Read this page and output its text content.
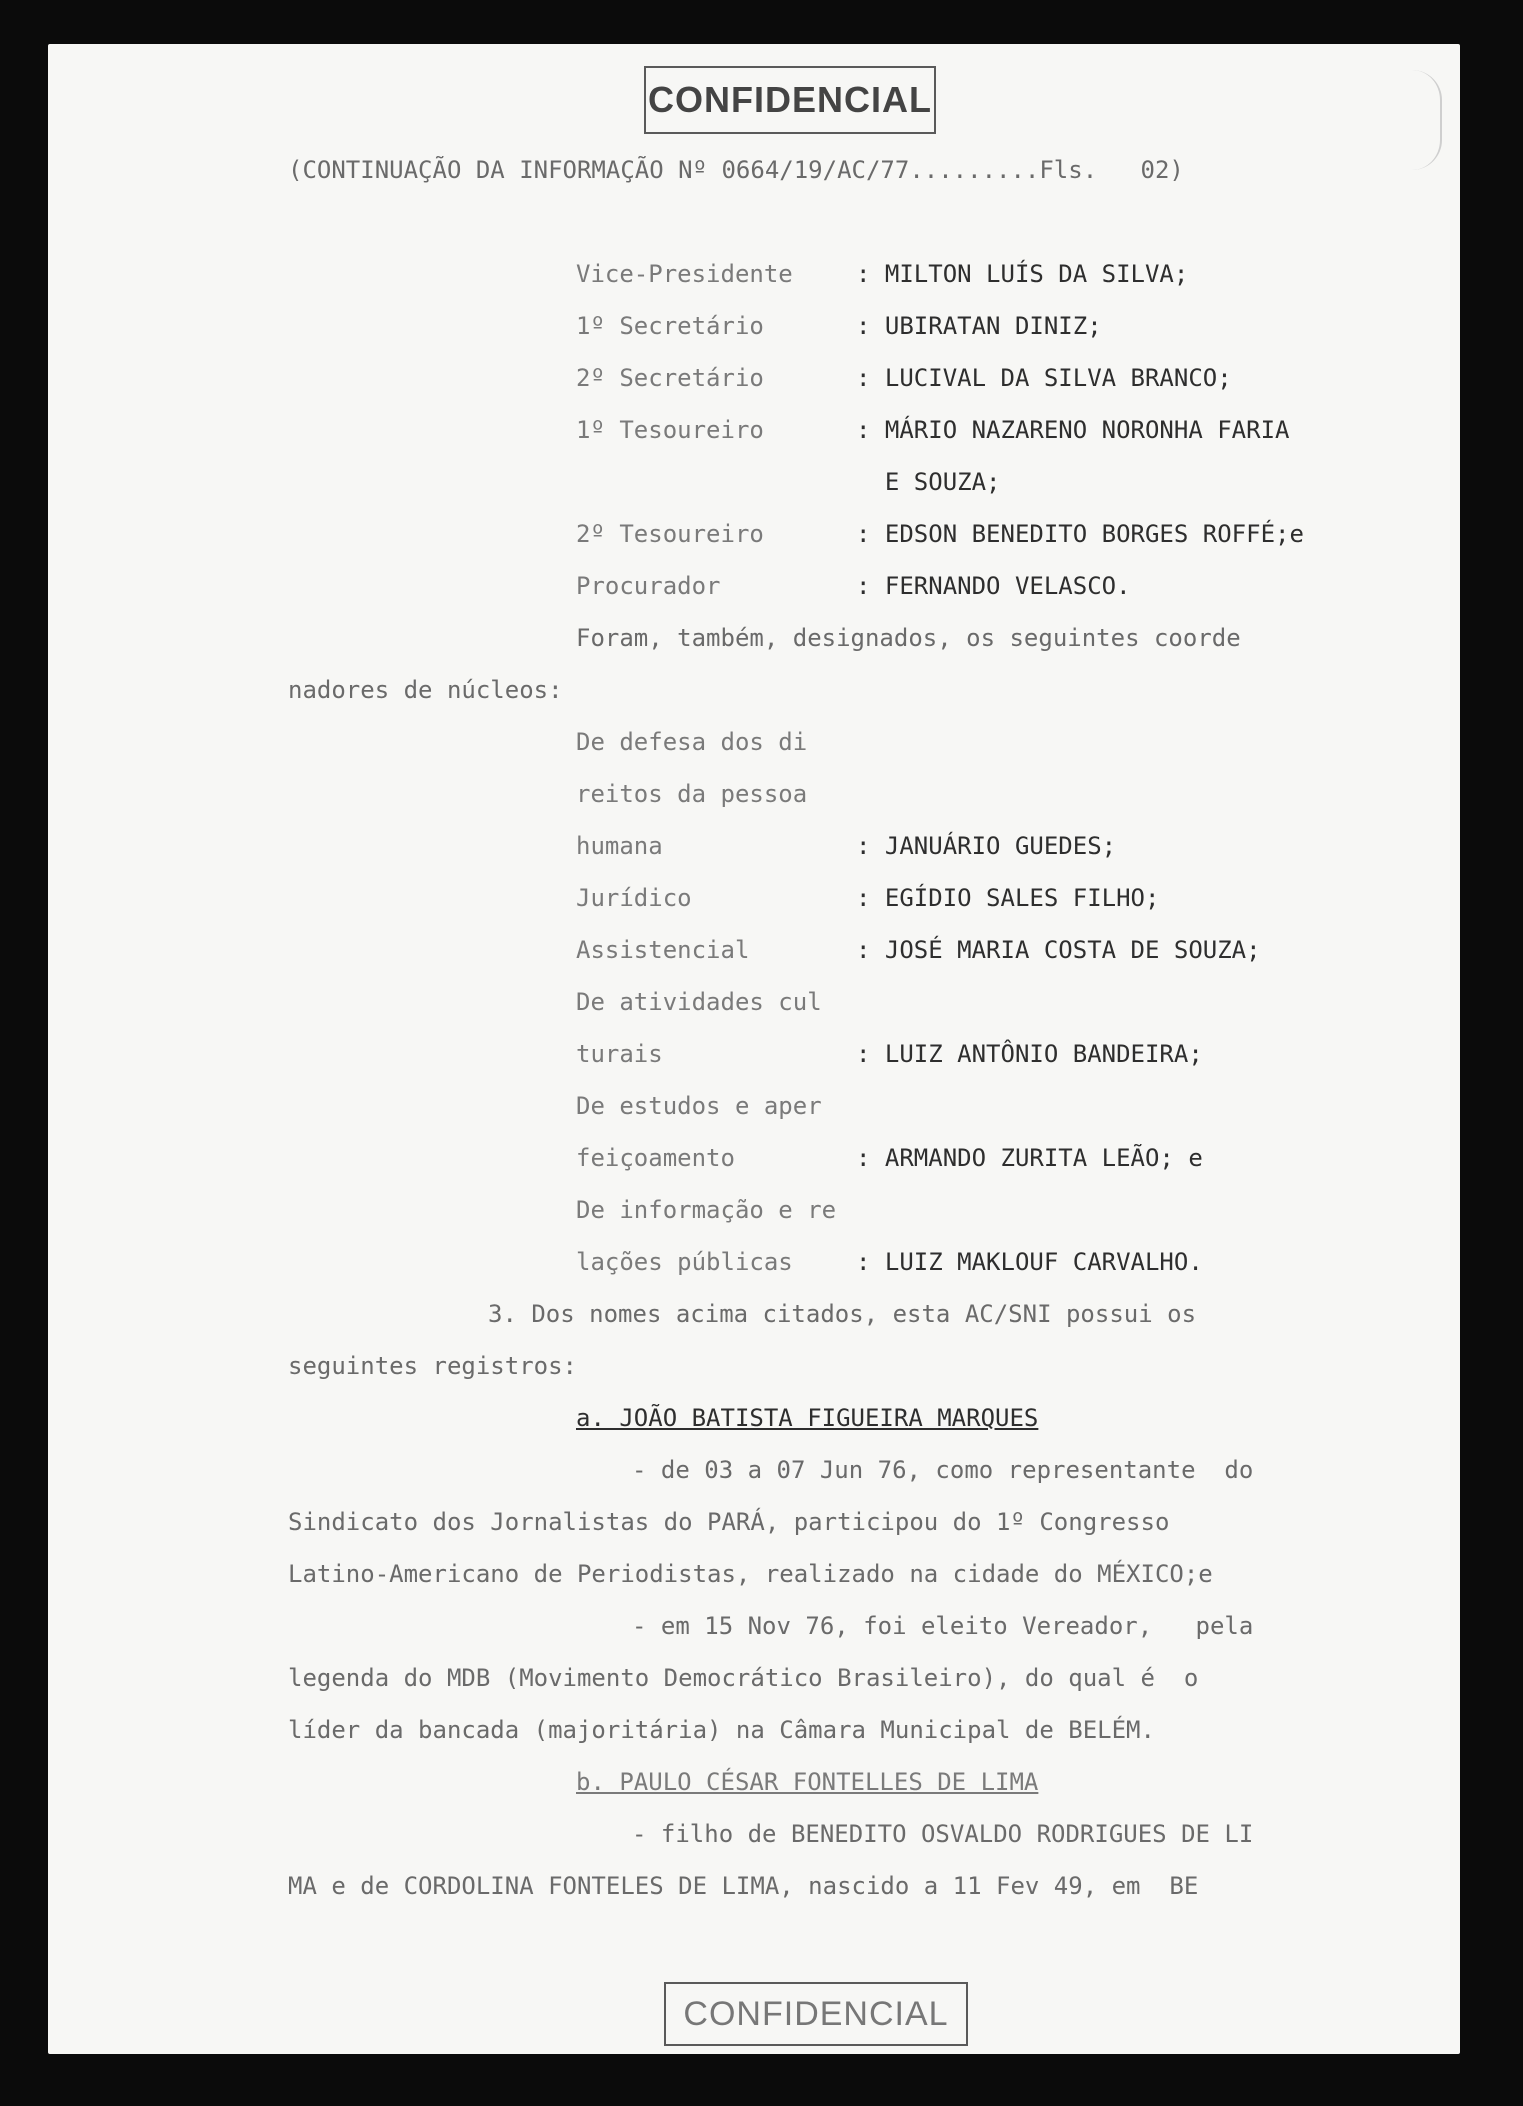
CONFIDENCIAL
(CONTINUAÇÃO DA INFORMAÇÃO Nº 0664/19/AC/77.........Fls.   02)
Vice-Presidente	: MILTON LUÍS DA SILVA;
1º Secretário	: UBIRATAN DINIZ;
2º Secretário	: LUCIVAL DA SILVA BRANCO;
1º Tesoureiro	: MÁRIO NAZARENO NORONHA FARIA
E SOUZA;
2º Tesoureiro	: EDSON BENEDITO BORGES ROFFÉ;e
Procurador	: FERNANDO VELASCO.
Foram, também, designados, os seguintes coorde
nadores de núcleos:
De defesa dos di
reitos da pessoa
humana	: JANUÁRIO GUEDES;
Jurídico	: EGÍDIO SALES FILHO;
Assistencial	: JOSÉ MARIA COSTA DE SOUZA;
De atividades cul
turais	: LUIZ ANTÔNIO BANDEIRA;
De estudos e aper
feiçoamento	: ARMANDO ZURITA LEÃO; e
De informação e re
lações públicas	: LUIZ MAKLOUF CARVALHO.
3. Dos nomes acima citados, esta AC/SNI possui os
seguintes registros:
a. JOÃO BATISTA FIGUEIRA MARQUES
- de 03 a 07 Jun 76, como representante  do
Sindicato dos Jornalistas do PARÁ, participou do 1º Congresso
Latino-Americano de Periodistas, realizado na cidade do MÉXICO;e
- em 15 Nov 76, foi eleito Vereador,   pela
legenda do MDB (Movimento Democrático Brasileiro), do qual é  o
líder da bancada (majoritária) na Câmara Municipal de BELÉM.
b. PAULO CÉSAR FONTELLES DE LIMA
- filho de BENEDITO OSVALDO RODRIGUES DE LI
MA e de CORDOLINA FONTELES DE LIMA, nascido a 11 Fev 49, em  BE
CONFIDENCIAL
